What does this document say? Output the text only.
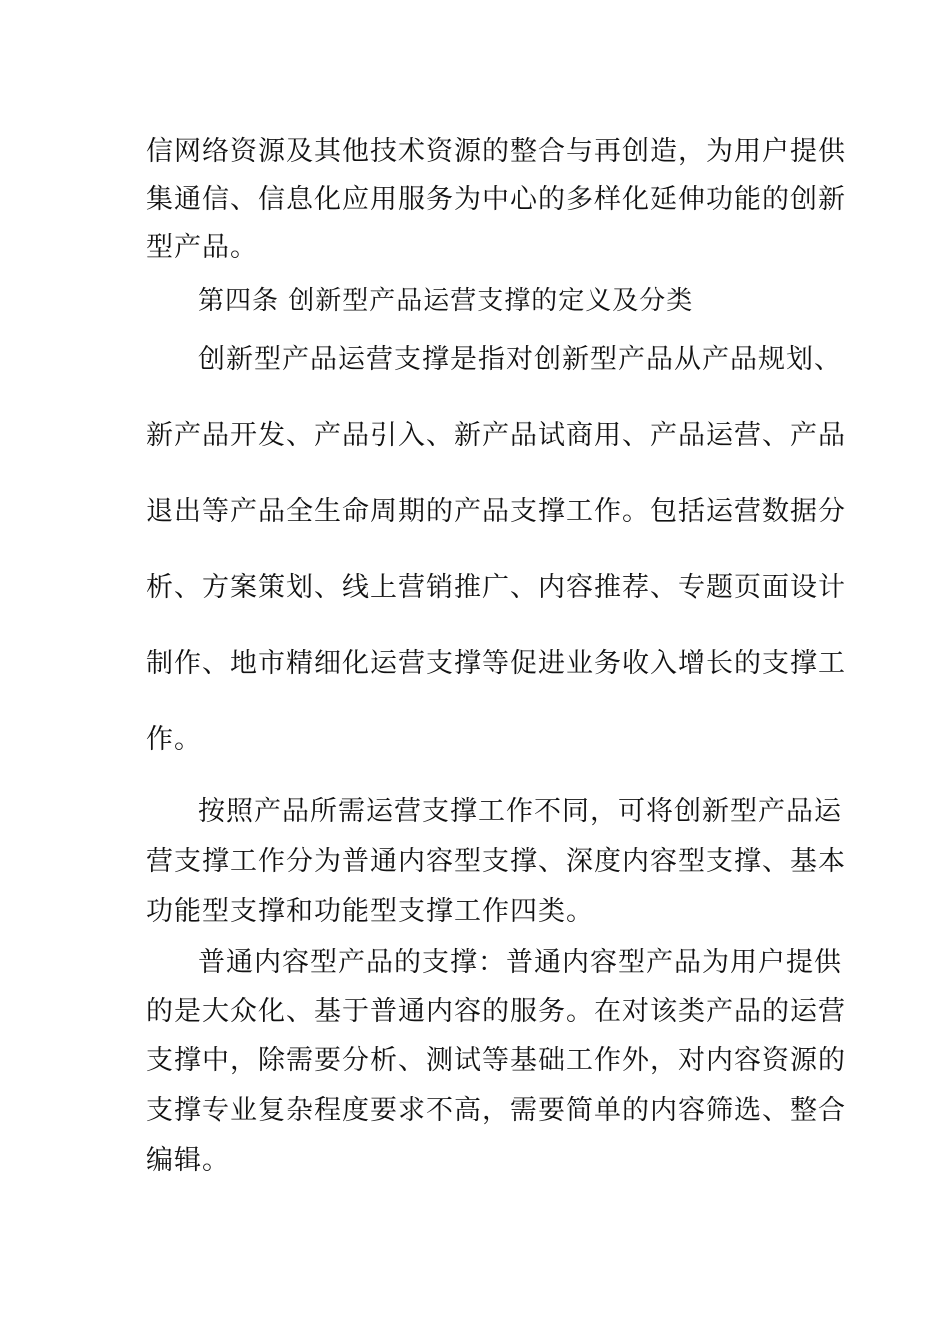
信网络资源及其他技术资源的整合与再创造，为用户提供
集通信、信息化应用服务为中心的多样化延伸功能的创新
型产品。
第四条 创新型产品运营支撑的定义及分类
创新型产品运营支撑是指对创新型产品从产品规划、
新产品开发、产品引入、新产品试商用、产品运营、产品
退出等产品全生命周期的产品支撑工作。包括运营数据分
析、方案策划、线上营销推广、内容推荐、专题页面设计
制作、地市精细化运营支撑等促进业务收入增长的支撑工
作。
按照产品所需运营支撑工作不同，可将创新型产品运
营支撑工作分为普通内容型支撑、深度内容型支撑、基本
功能型支撑和功能型支撑工作四类。
普通内容型产品的支撑：普通内容型产品为用户提供
的是大众化、基于普通内容的服务。在对该类产品的运营
支撑中，除需要分析、测试等基础工作外，对内容资源的
支撑专业复杂程度要求不高，需要简单的内容筛选、整合
编辑。
